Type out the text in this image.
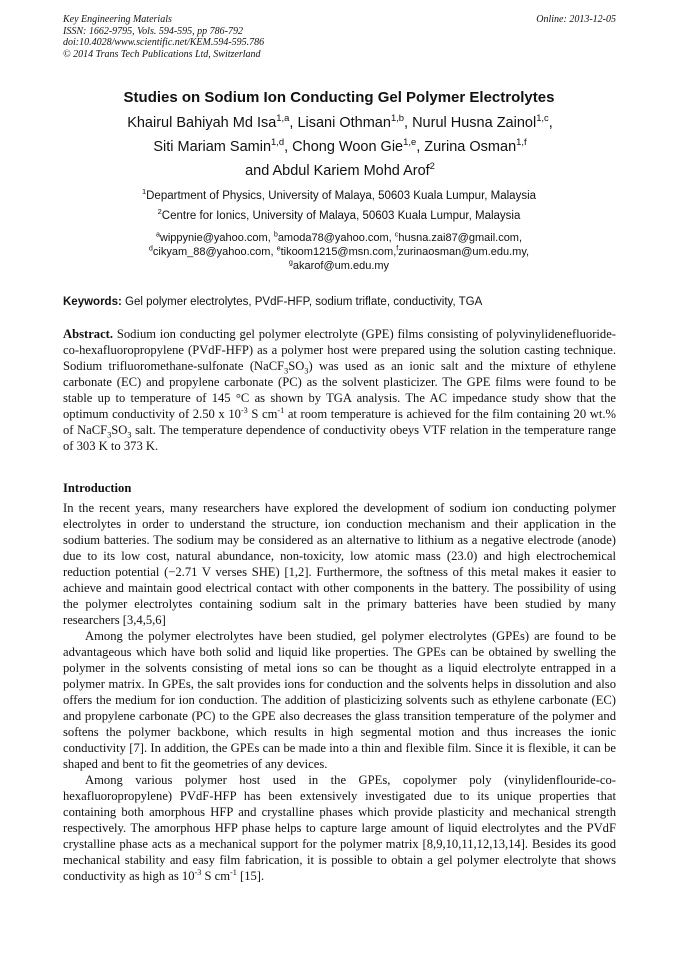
Key Engineering Materials
ISSN: 1662-9795, Vols. 594-595, pp 786-792
doi:10.4028/www.scientific.net/KEM.594-595.786
© 2014 Trans Tech Publications Ltd, Switzerland
Online: 2013-12-05
Studies on Sodium Ion Conducting Gel Polymer Electrolytes
Khairul Bahiyah Md Isa$^{1,a}$, Lisani Othman$^{1,b}$, Nurul Husna Zainol$^{1,c}$,
Siti Mariam Samin$^{1,d}$, Chong Woon Gie$^{1,e}$, Zurina Osman$^{1,f}$
and Abdul Kariem Mohd Arof$^2$
$^1$Department of Physics, University of Malaya, 50603 Kuala Lumpur, Malaysia
$^2$Centre for Ionics, University of Malaya, 50603 Kuala Lumpur, Malaysia
$^a$wippynie@yahoo.com, $^b$amoda78@yahoo.com, $^c$husna.zai87@gmail.com,
$^d$cikyam_88@yahoo.com, $^e$tikoom1215@msn.com,$^f$zurinaosman@um.edu.my,
$^g$akarof@um.edu.my
Keywords: Gel polymer electrolytes, PVdF-HFP, sodium triflate, conductivity, TGA
Abstract. Sodium ion conducting gel polymer electrolyte (GPE) films consisting of polyvinylidenefluoride-co-hexafluoropropylene (PVdF-HFP) as a polymer host were prepared using the solution casting technique. Sodium trifluoromethane-sulfonate $(NaCF_3SO_3)$ was used as an ionic salt and the mixture of ethylene carbonate (EC) and propylene carbonate (PC) as the solvent plasticizer. The GPE films were found to be stable up to temperature of 145 °C as shown by TGA analysis. The AC impedance study show that the optimum conductivity of 2.50 x $10^{-3}$ S $cm^{-1}$ at room temperature is achieved for the film containing 20 wt.% of $NaCF_3SO_3$ salt. The temperature dependence of conductivity obeys VTF relation in the temperature range of 303 K to 373 K.
Introduction

In the recent years, many researchers have explored the development of sodium ion conducting polymer electrolytes in order to understand the structure, ion conduction mechanism and their application in the sodium batteries. The sodium may be considered as an alternative to lithium as a negative electrode (anode) due to its low cost, natural abundance, non-toxicity, low atomic mass (23.0) and high electrochemical reduction potential (−2.71 V verses SHE) [1,2]. Furthermore, the softness of this metal makes it easier to achieve and maintain good electrical contact with other components in the battery. The possibility of using the polymer electrolytes containing sodium salt in the primary batteries have been studied by many researchers [3,4,5,6]

Among the polymer electrolytes have been studied, gel polymer electrolytes (GPEs) are found to be advantageous which have both solid and liquid like properties. The GPEs can be obtained by swelling the polymer in the solvents consisting of metal ions so can be thought as a liquid electrolyte entrapped in a polymer matrix. In GPEs, the salt provides ions for conduction and the solvents helps in dissolution and also offers the medium for ion conduction. The addition of plasticizing solvents such as ethylene carbonate (EC) and propylene carbonate (PC) to the GPE also decreases the glass transition temperature of the polymer and softens the polymer backbone, which results in high segmental motion and thus increases the ionic conductivity [7]. In addition, the GPEs can be made into a thin and flexible film. Since it is flexible, it can be shaped and bent to fit the geometries of any devices.

Among various polymer host used in the GPEs, copolymer poly (vinylidenflouride-co-hexafluoropropylene) PVdF-HFP has been extensively investigated due to its unique properties that containing both amorphous HFP and crystalline phases which provide plasticity and mechanical strength respectively. The amorphous HFP phase helps to capture large amount of liquid electrolytes and the PVdF crystalline phase acts as a mechanical support for the polymer matrix [8,9,10,11,12,13,14]. Besides its good mechanical stability and easy film fabrication, it is possible to obtain a gel polymer electrolyte that shows conductivity as high as $10^{-3}$ S $cm^{-1}$ [15].
